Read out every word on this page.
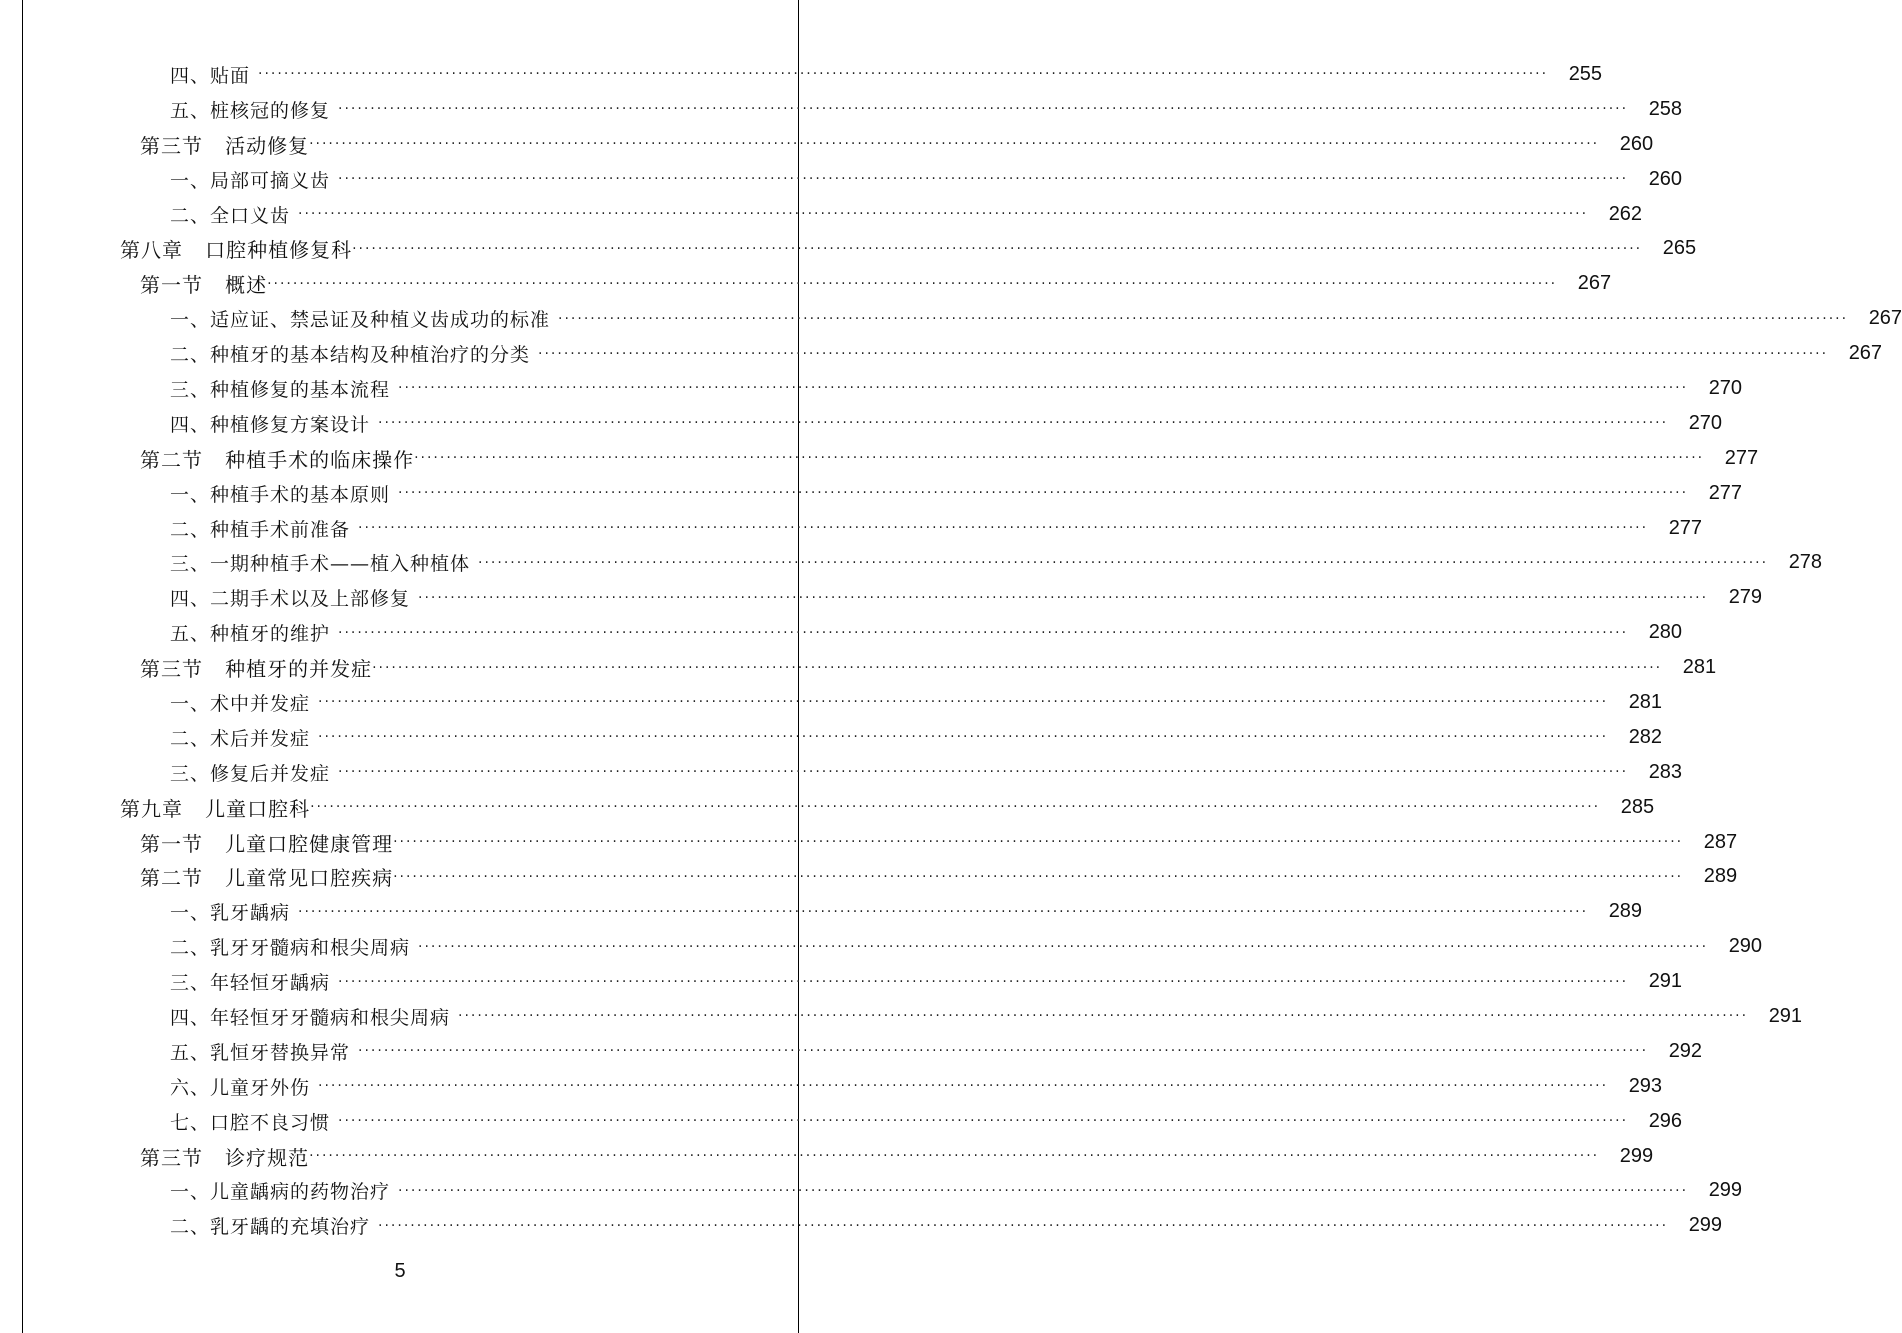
四、贴面 ········································································································································································································	255
五、桩核冠的修复 ········································································································································································································	258
第三节   活动修复 ········································································································································································································	260
一、局部可摘义齿 ········································································································································································································	260
二、全口义齿 ········································································································································································································	262
第八章   口腔种植修复科 ········································································································································································································	265
第一节   概述 ········································································································································································································	267
一、适应证、禁忌证及种植义齿成功的标准 ········································································································································································································	267
二、种植牙的基本结构及种植治疗的分类 ········································································································································································································	267
三、种植修复的基本流程 ········································································································································································································	270
四、种植修复方案设计 ········································································································································································································	270
第二节   种植手术的临床操作 ········································································································································································································	277
一、种植手术的基本原则 ········································································································································································································	277
二、种植手术前准备 ········································································································································································································	277
三、一期种植手术——植入种植体 ········································································································································································································	278
四、二期手术以及上部修复 ········································································································································································································	279
五、种植牙的维护 ········································································································································································································	280
第三节   种植牙的并发症 ········································································································································································································	281
一、术中并发症 ········································································································································································································	281
二、术后并发症 ········································································································································································································	282
三、修复后并发症 ········································································································································································································	283
第九章   儿童口腔科 ········································································································································································································	285
第一节   儿童口腔健康管理 ········································································································································································································	287
第二节   儿童常见口腔疾病 ········································································································································································································	289
一、乳牙龋病 ········································································································································································································	289
二、乳牙牙髓病和根尖周病 ········································································································································································································	290
三、年轻恒牙龋病 ········································································································································································································	291
四、年轻恒牙牙髓病和根尖周病 ········································································································································································································	291
五、乳恒牙替换异常 ········································································································································································································	292
六、儿童牙外伤 ········································································································································································································	293
七、口腔不良习惯 ········································································································································································································	296
第三节   诊疗规范 ········································································································································································································	299
一、儿童龋病的药物治疗 ········································································································································································································	299
二、乳牙龋的充填治疗 ········································································································································································································	299
5
